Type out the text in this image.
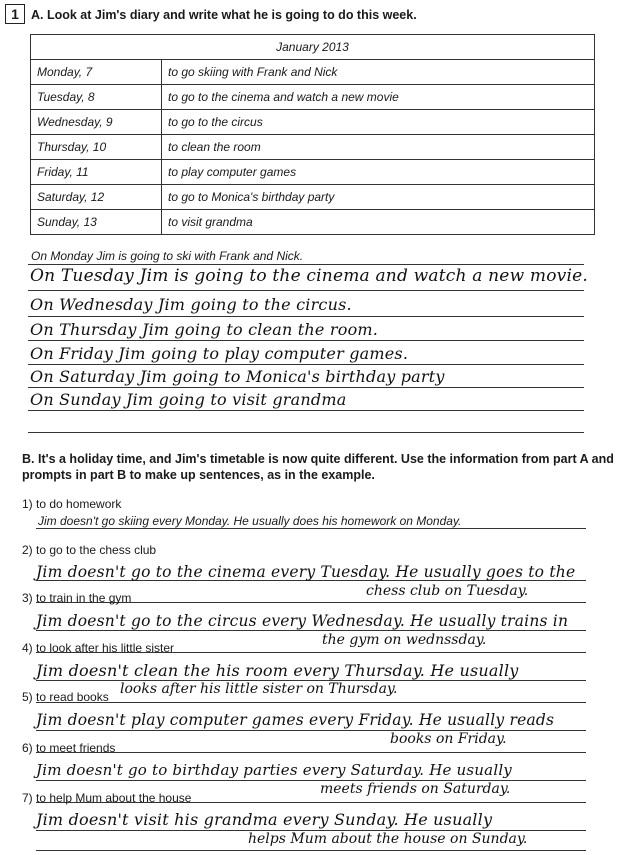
1 A. Look at Jim's diary and write what he is going to do this week.
January 2013	
Monday, 7	to go skiing with Frank and Nick
Tuesday, 8	to go to the cinema and watch a new movie
Wednesday, 9	to go to the circus
Thursday, 10	to clean the room
Friday, 11	to play computer games
Saturday, 12	to go to Monica's birthday party
Sunday, 13	to visit grandma
On Monday Jim is going to ski with Frank and Nick.
On Tuesday Jim is going to the cinema and watch a new movie.
On Wednesday Jim going to the circus.
On Thursday Jim going to clean the room.
On Friday Jim going to play computer games.
On Saturday Jim going to Monica's birthday party
On Sunday Jim going to visit grandma
B. It's a holiday time, and Jim's timetable is now quite different. Use the information from part A and prompts in part B to make up sentences, as in the example.
1) to do homework
Jim doesn't go skiing every Monday. He usually does his homework on Monday.
2) to go to the chess club
Jim doesn't go to the cinema every Tuesday. He usually goes to the
chess club on Tuesday.
3) to train in the gym
Jim doesn't go to the circus every Wednesday. He usually trains in
the gym on wednssday.
4) to look after his little sister
Jim doesn't clean the his room every Thursday. He usually
looks after his little sister on Thursday.
5) to read books
Jim doesn't play computer games every Friday. He usually reads
books on Friday.
6) to meet friends
Jim doesn't go to birthday parties every Saturday. He usually
meets friends on Saturday.
7) to help Mum about the house
Jim doesn't visit his grandma every Sunday. He usually
helps Mum about the house on Sunday.
